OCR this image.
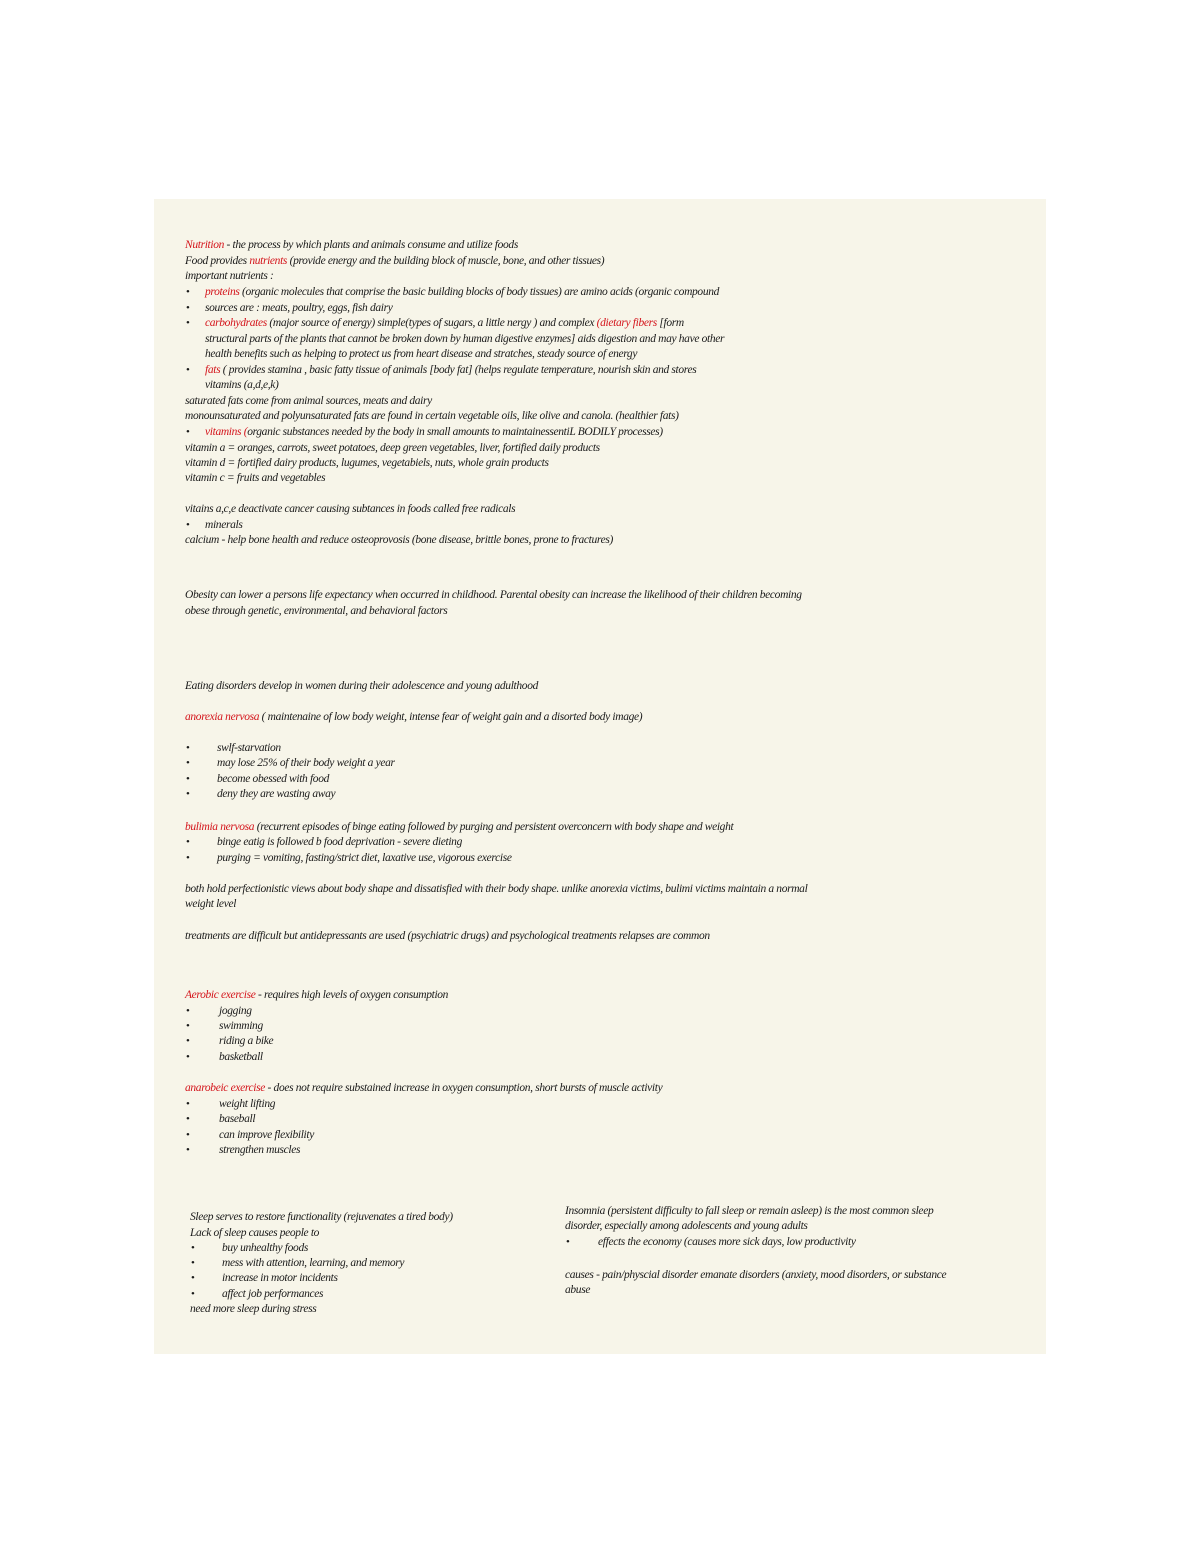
Nutrition - the process by which plants and animals consume and utilize foods
Food provides nutrients (provide energy and the building block of muscle, bone, and other tissues)
important nutrients :
• proteins (organic molecules that comprise the basic building blocks of body tissues) are amino acids (organic compound
• sources are : meats, poultry, eggs, fish dairy
• carbohydrates (major source of energy) simple(types of sugars, a little nergy ) and complex (dietary fibers [form
structural parts of the plants that cannot be broken down by human digestive enzymes] aids digestion and may have other
health benefits such as helping to protect us from heart disease and stratches, steady source of energy
• fats ( provides stamina , basic fatty tissue of animals [body fat] (helps regulate temperature, nourish skin and stores
vitamins (a,d,e,k)
saturated fats come from animal sources, meats and dairy
monounsaturated and polyunsaturated fats are found in certain vegetable oils, like olive and canola. (healthier fats)
• vitamins (organic substances needed by the body in small amounts to maintainessentiL BODILY processes)
vitamin a = oranges, carrots, sweet potatoes, deep green vegetables, liver, fortified daily products
vitamin d = fortified dairy products, lugumes, vegetabiels, nuts, whole grain products
vitamin c = fruits and vegetables
vitains a,c,e deactivate cancer causing subtances in foods called free radicals
• minerals
calcium - help bone health and reduce osteoprovosis (bone disease, brittle bones, prone to fractures)
Obesity can lower a persons life expectancy when occurred in childhood. Parental obesity can increase the likelihood of their children becoming
obese through genetic, environmental, and behavioral factors
Eating disorders develop in women during their adolescence and young adulthood
anorexia nervosa ( maintenaine of low body weight, intense fear of weight gain and a disorted body image)
• swlf-starvation
• may lose 25% of their body weight a year
• become obessed with food
• deny they are wasting away
bulimia nervosa (recurrent episodes of binge eating followed by purging and persistent overconcern with body shape and weight
• binge eatig is followed b food deprivation - severe dieting
• purging = vomiting, fasting/strict diet, laxative use, vigorous exercise
both hold perfectionistic views about body shape and dissatisfied with their body shape. unlike anorexia victims, bulimi victims maintain a normal
weight level
treatments are difficult but antidepressants are used (psychiatric drugs) and psychological treatments relapses are common
Aerobic exercise - requires high levels of oxygen consumption
•	jogging
•	swimming
•	riding a bike
•	basketball
anarobeic exercise - does not require substained increase in oxygen consumption, short bursts of muscle activity
•	weight lifting
•	baseball
•	can improve flexibility
•	strengthen muscles
Sleep serves to restore functionality (rejuvenates a tired body)
Lack of sleep causes people to
• buy unhealthy foods
• mess with attention, learning, and memory
• increase in motor incidents
• affect job performances
need more sleep during stress
Insomnia (persistent difficulty to fall sleep or remain asleep) is the most common sleep
disorder, especially among adolescents and young adults
• effects the economy (causes more sick days, low productivity
causes - pain/physcial disorder emanate disorders (anxiety, mood disorders, or substance
abuse
